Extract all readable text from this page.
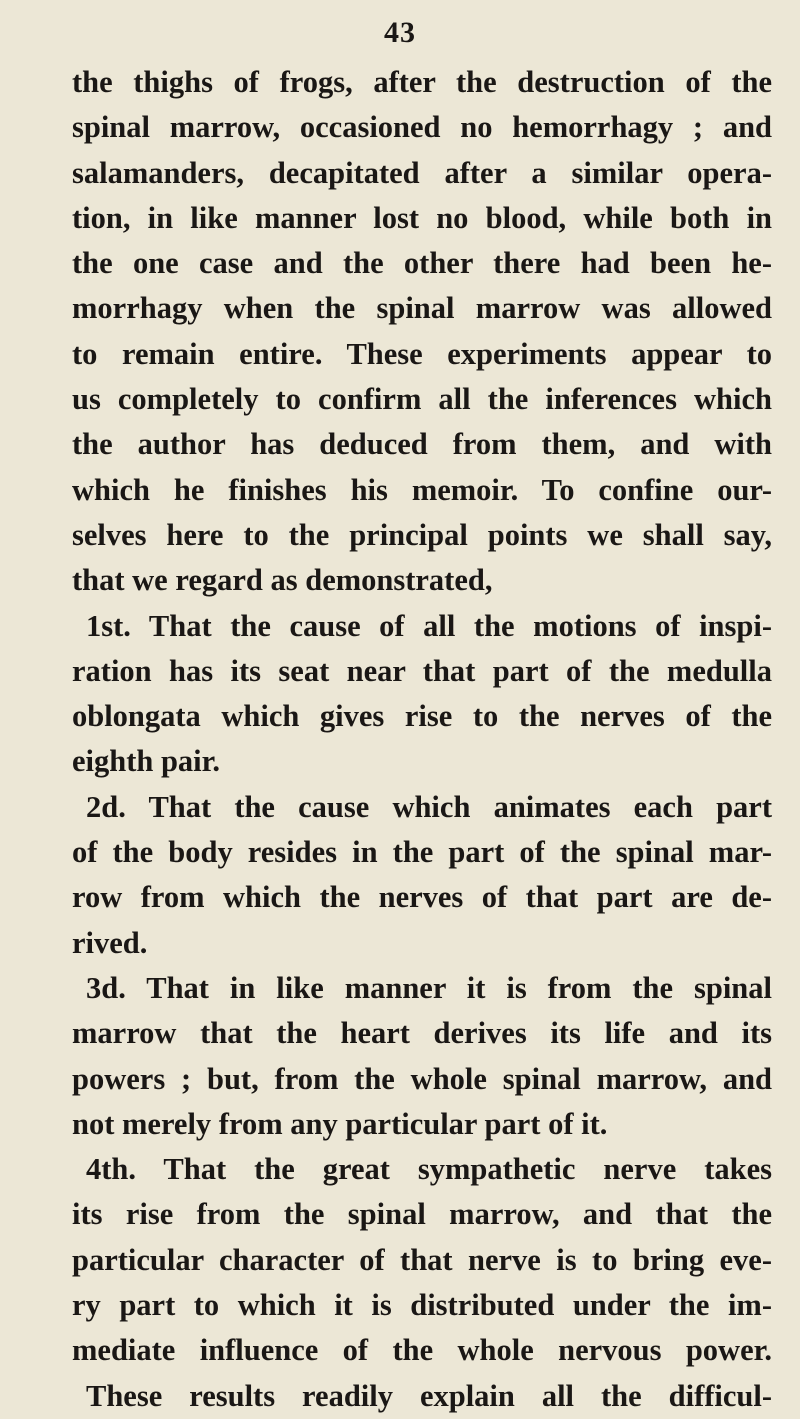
43
the thighs of frogs, after the destruction of the
spinal marrow, occasioned no hemorrhagy ; and
salamanders, decapitated after a similar opera-
tion, in like manner lost no blood, while both in
the one case and the other there had been he-
morrhagy when the spinal marrow was allowed
to remain entire. These experiments appear to
us completely to confirm all the inferences which
the author has deduced from them, and with
which he finishes his memoir. To confine our-
selves here to the principal points we shall say,
that we regard as demonstrated,
1st. That the cause of all the motions of inspi-
ration has its seat near that part of the medulla
oblongata which gives rise to the nerves of the
eighth pair.
2d. That the cause which animates each part
of the body resides in the part of the spinal mar-
row from which the nerves of that part are de-
rived.
3d. That in like manner it is from the spinal
marrow that the heart derives its life and its
powers ; but, from the whole spinal marrow, and
not merely from any particular part of it.
4th. That the great sympathetic nerve takes
its rise from the spinal marrow, and that the
particular character of that nerve is to bring eve-
ry part to which it is distributed under the im-
mediate influence of the whole nervous power.
These results readily explain all the difficul-
